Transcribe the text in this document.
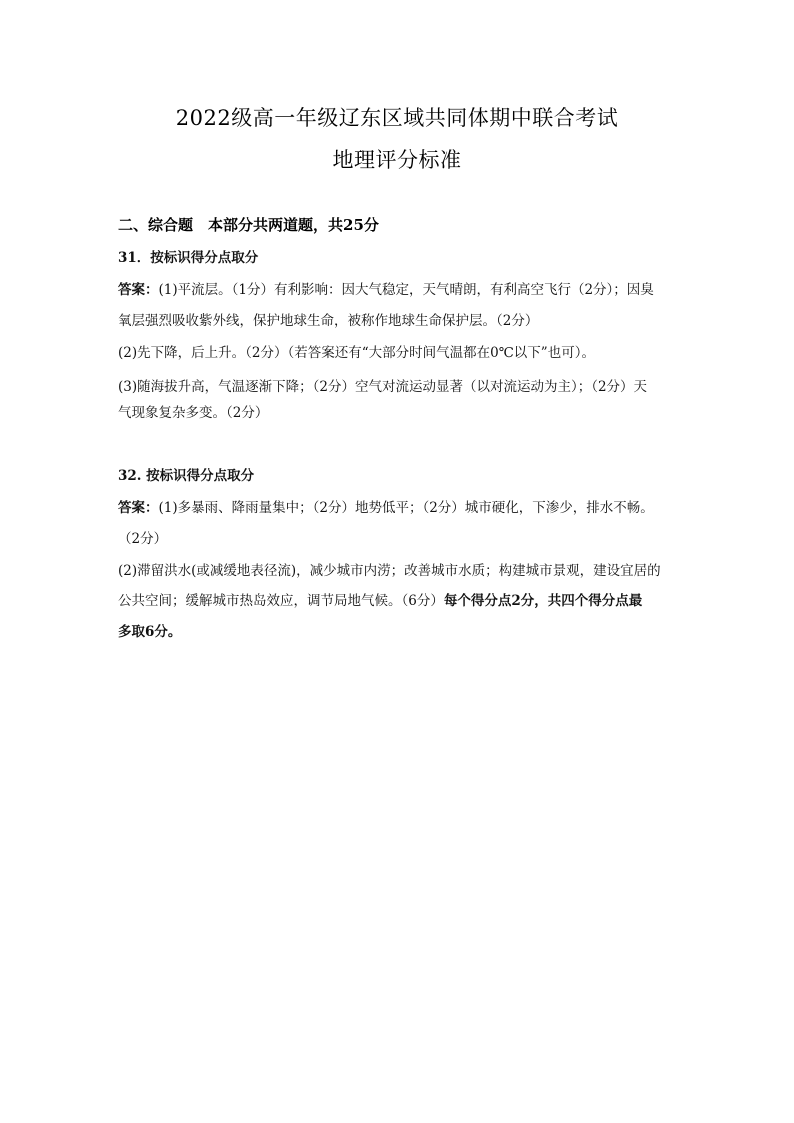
2022级高一年级辽东区域共同体期中联合考试
地理评分标准
二、综合题　本部分共两道题，共25分
31．按标识得分点取分
答案：(1)平流层。（1分）有利影响：因大气稳定，天气晴朗，有利高空飞行（2分）；因臭
氧层强烈吸收紫外线，保护地球生命，被称作地球生命保护层。（2分）
(2)先下降，后上升。（2分）（若答案还有“大部分时间气温都在0℃以下”也可）。
(3)随海拔升高，气温逐渐下降；（2分）空气对流运动显著（以对流运动为主）；（2分）天
气现象复杂多变。（2分）
32. 按标识得分点取分
答案：(1)多暴雨、降雨量集中；（2分）地势低平；（2分）城市硬化，下渗少，排水不畅。
（2分）
(2)滞留洪水(或减缓地表径流)，减少城市内涝；改善城市水质；构建城市景观，建设宜居的
公共空间；缓解城市热岛效应，调节局地气候。（6分）每个得分点2分，共四个得分点最
多取6分。
